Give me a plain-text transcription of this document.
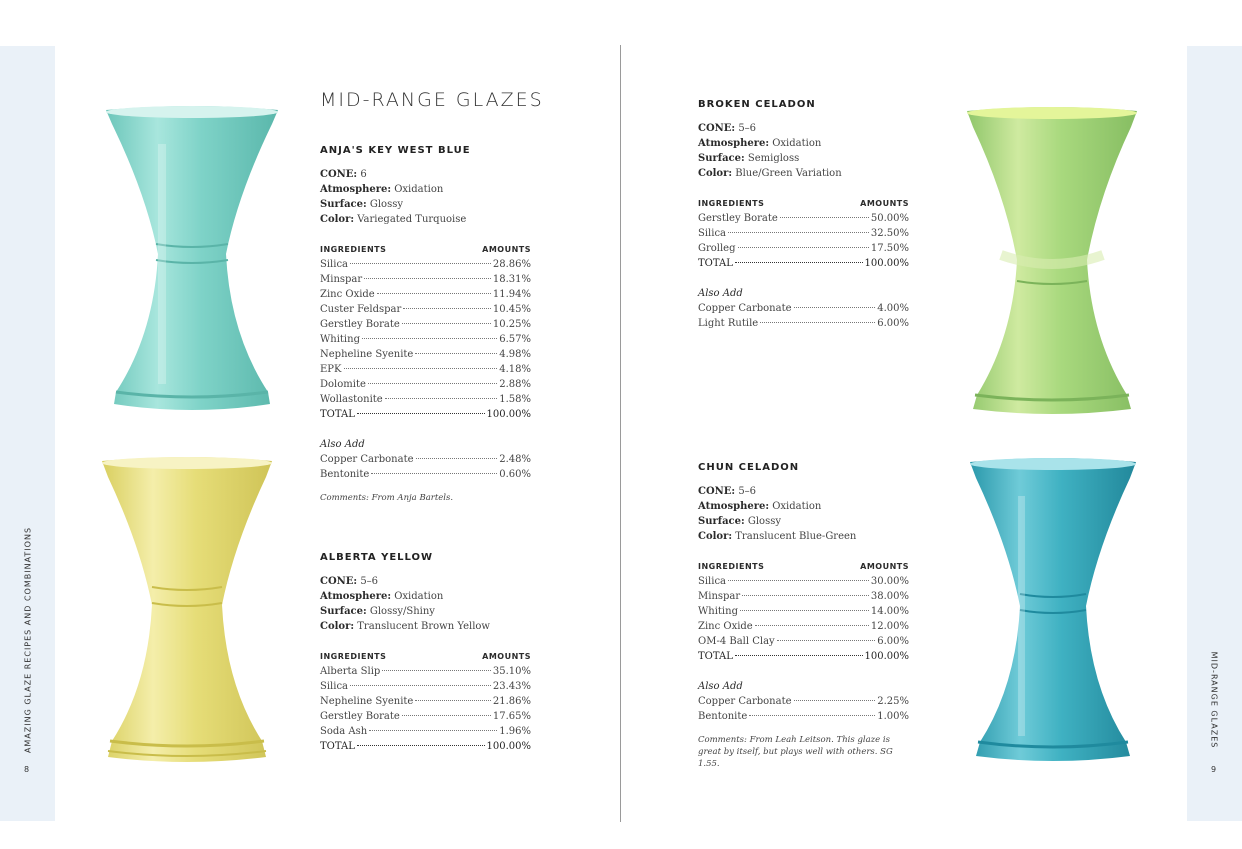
AMAZING GLAZE RECIPES AND COMBINATIONS	MID-RANGE GLAZES
8	9
MID-RANGE GLAZES
ANJA'S KEY WEST BLUE
CONE: 6
Atmosphere: Oxidation
Surface: Glossy
Color: Variegated Turquoise
INGREDIENTS	AMOUNTS
Silica	28.86%
Minspar	18.31%
Zinc Oxide	11.94%
Custer Feldspar	10.45%
Gerstley Borate	10.25%
Whiting	6.57%
Nepheline Syenite	4.98%
EPK	4.18%
Dolomite	2.88%
Wollastonite	1.58%
TOTAL	100.00%
Also Add
Copper Carbonate	2.48%
Bentonite	0.60%
Comments: From Anja Bartels.
ALBERTA YELLOW
CONE: 5–6
Atmosphere: Oxidation
Surface: Glossy/Shiny
Color: Translucent Brown Yellow
INGREDIENTS	AMOUNTS
Alberta Slip	35.10%
Silica	23.43%
Nepheline Syenite	21.86%
Gerstley Borate	17.65%
Soda Ash	1.96%
TOTAL	100.00%
BROKEN CELADON
CONE: 5–6
Atmosphere: Oxidation
Surface: Semigloss
Color: Blue/Green Variation
INGREDIENTS	AMOUNTS
Gerstley Borate	50.00%
Silica	32.50%
Grolleg	17.50%
TOTAL	100.00%
Also Add
Copper Carbonate	4.00%
Light Rutile	6.00%
CHUN CELADON
CONE: 5–6
Atmosphere: Oxidation
Surface: Glossy
Color: Translucent Blue-Green
INGREDIENTS	AMOUNTS
Silica	30.00%
Minspar	38.00%
Whiting	14.00%
Zinc Oxide	12.00%
OM-4 Ball Clay	6.00%
TOTAL	100.00%
Also Add
Copper Carbonate	2.25%
Bentonite	1.00%
Comments: From Leah Leitson. This glaze is great by itself, but plays well with others. SG 1.55.
